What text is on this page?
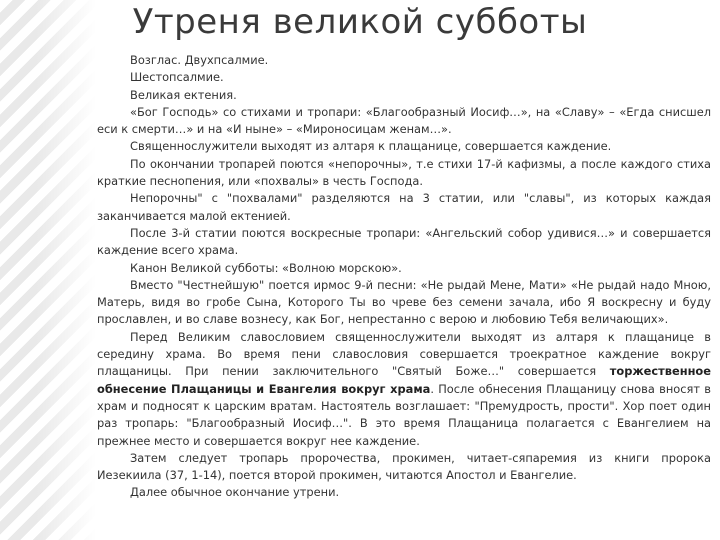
Утреня великой субботы

Возглас. Двухпсалмие.

Шестопсалмие.

Великая ектения.

«Бог Господь» со стихами и тропари: «Благообразный Иосиф…», на «Славу» – «Егда снисшел еси к смерти…» и на «И ныне» – «Мироносицам женам…».

Священнослужители выходят из алтаря к плащанице, совершается каждение.

По окончании тропарей поются «непорочны», т.е стихи 17-й кафизмы, а после каждого стиха краткие песнопения, или «похвалы» в честь Господа.

Непорочны" с "похвалами" разделяются на 3 статии, или "славы", из которых каждая заканчивается малой ектенией.

После 3-й статии поются воскресные тропари: «Ангельский собор удивися…» и совершается каждение всего храма.

Канон Великой субботы: «Волною морскою».

Вместо "Честнейшую" поется ирмос 9-й песни: «Не рыдай Мене, Мати» «Не рыдай надо Мною, Матерь, видя во гробе Сына, Которого Ты во чреве без семени зачала, ибо Я воскресну и буду прославлен, и во славе вознесу, как Бог, непрестанно с верою и любовию Тебя величающих».

Перед Великим славословием священнослужители выходят из алтаря к плащанице в середину храма. Во время пени славословия совершается троекратное каждение вокруг плащаницы. При пении заключительного "Святый Боже…" совершается торжественное обнесение Плащаницы и Евангелия вокруг храма. После обнесения Плащаницу снова вносят в храм и подносят к царским вратам. Настоятель возглашает: "Премудрость, прости". Хор поет один раз тропарь: "Благообразный Иосиф…". В это время Плащаница полагается с Евангелием на прежнее место и совершается вокруг нее каждение.

Затем следует тропарь пророчества, прокимен, читает-сяпаремия из книги пророка Иезекиила (37, 1-14), поется второй прокимен, читаются Апостол и Евангелие.

Далее обычное окончание утрени.
